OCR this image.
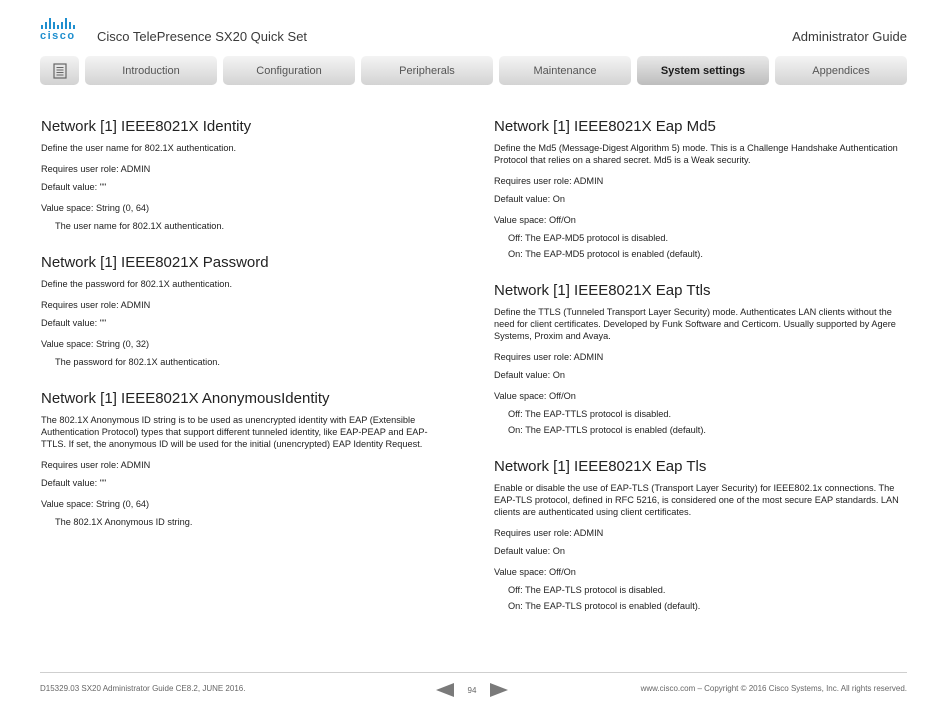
cisco	Cisco TelePresence SX20 Quick Set	Administrator Guide
Introduction	Configuration	Peripherals	Maintenance	System settings	Appendices
Network [1] IEEE8021X Identity

Define the user name for 802.1X authentication.

Requires user role: ADMIN

Default value: ""

Value space: String (0, 64)

The user name for 802.1X authentication.

Network [1] IEEE8021X Password

Define the password for 802.1X authentication.

Requires user role: ADMIN

Default value: ""

Value space: String (0, 32)

The password for 802.1X authentication.

Network [1] IEEE8021X AnonymousIdentity

The 802.1X Anonymous ID string is to be used as unencrypted identity with EAP (Extensible Authentication Protocol) types that support different tunneled identity, like EAP-PEAP and EAP-TTLS. If set, the anonymous ID will be used for the initial (unencrypted) EAP Identity Request.

Requires user role: ADMIN

Default value: ""

Value space: String (0, 64)

The 802.1X Anonymous ID string.

Network [1] IEEE8021X Eap Md5

Define the Md5 (Message-Digest Algorithm 5) mode. This is a Challenge Handshake Authentication Protocol that relies on a shared secret. Md5 is a Weak security.

Requires user role: ADMIN

Default value: On

Value space: Off/On

Off: The EAP-MD5 protocol is disabled.

On: The EAP-MD5 protocol is enabled (default).

Network [1] IEEE8021X Eap Ttls

Define the TTLS (Tunneled Transport Layer Security) mode. Authenticates LAN clients without the need for client certificates. Developed by Funk Software and Certicom. Usually supported by Agere Systems, Proxim and Avaya.

Requires user role: ADMIN

Default value: On

Value space: Off/On

Off: The EAP-TTLS protocol is disabled.

On: The EAP-TTLS protocol is enabled (default).

Network [1] IEEE8021X Eap Tls

Enable or disable the use of EAP-TLS (Transport Layer Security) for IEEE802.1x connections. The EAP-TLS protocol, defined in RFC 5216, is considered one of the most secure EAP standards. LAN clients are authenticated using client certificates.

Requires user role: ADMIN

Default value: On

Value space: Off/On

Off: The EAP-TLS protocol is disabled.

On: The EAP-TLS protocol is enabled (default).

D15329.03 SX20 Administrator Guide CE8.2, JUNE 2016.	94	www.cisco.com – Copyright © 2016 Cisco Systems, Inc. All rights reserved.
